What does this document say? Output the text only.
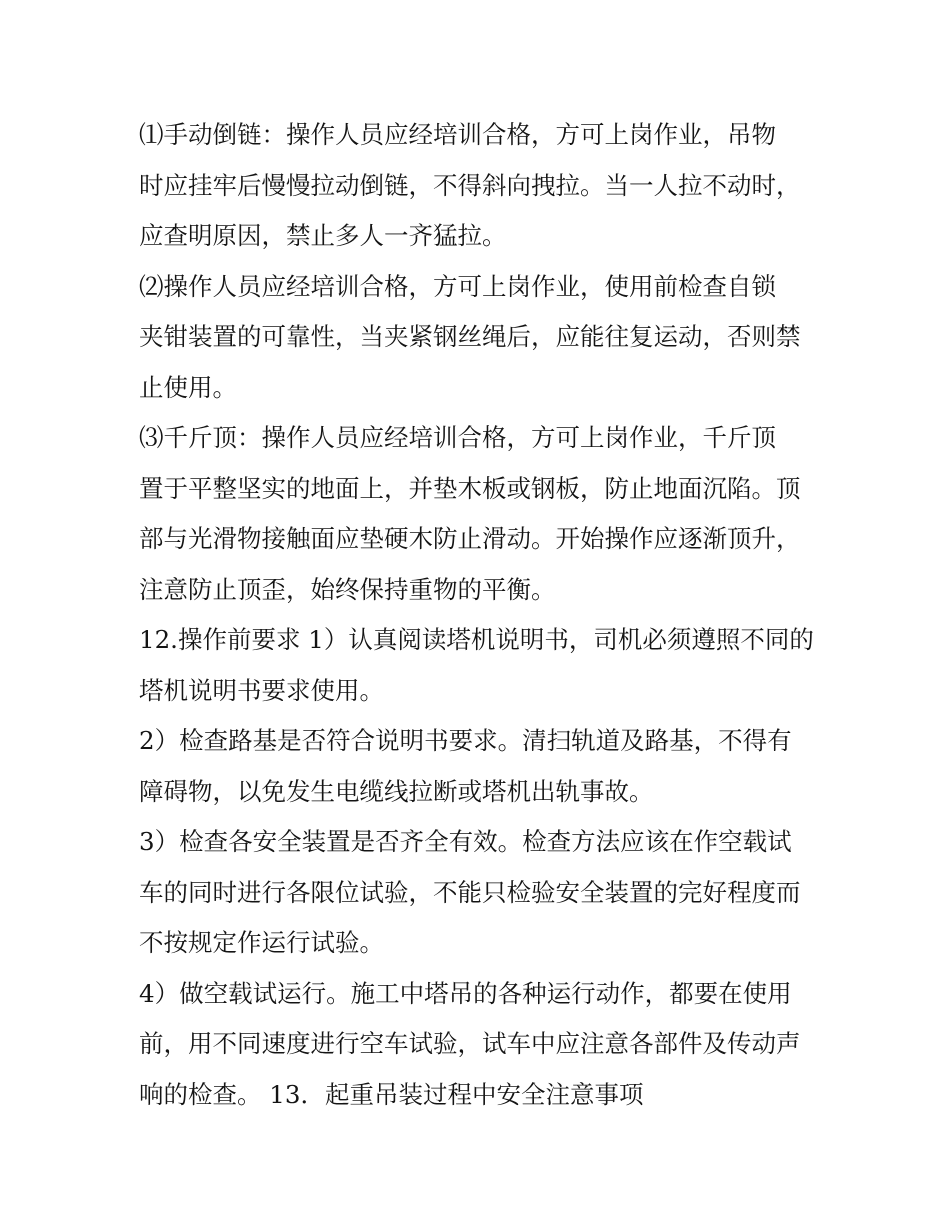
⑴手动倒链：操作人员应经培训合格，方可上岗作业，吊物
时应挂牢后慢慢拉动倒链，不得斜向拽拉。当一人拉不动时，
应查明原因，禁止多人一齐猛拉。
⑵操作人员应经培训合格，方可上岗作业，使用前检查自锁
夹钳装置的可靠性，当夹紧钢丝绳后，应能往复运动，否则禁
止使用。
⑶千斤顶：操作人员应经培训合格，方可上岗作业，千斤顶
置于平整坚实的地面上，并垫木板或钢板，防止地面沉陷。顶
部与光滑物接触面应垫硬木防止滑动。开始操作应逐渐顶升，
注意防止顶歪，始终保持重物的平衡。
12.操作前要求 1）认真阅读塔机说明书，司机必须遵照不同的
塔机说明书要求使用。
2）检查路基是否符合说明书要求。清扫轨道及路基，不得有
障碍物，以免发生电缆线拉断或塔机出轨事故。
3）检查各安全装置是否齐全有效。检查方法应该在作空载试
车的同时进行各限位试验，不能只检验安全装置的完好程度而
不按规定作运行试验。
4）做空载试运行。施工中塔吊的各种运行动作，都要在使用
前，用不同速度进行空车试验，试车中应注意各部件及传动声
响的检查。 13．起重吊装过程中安全注意事项
